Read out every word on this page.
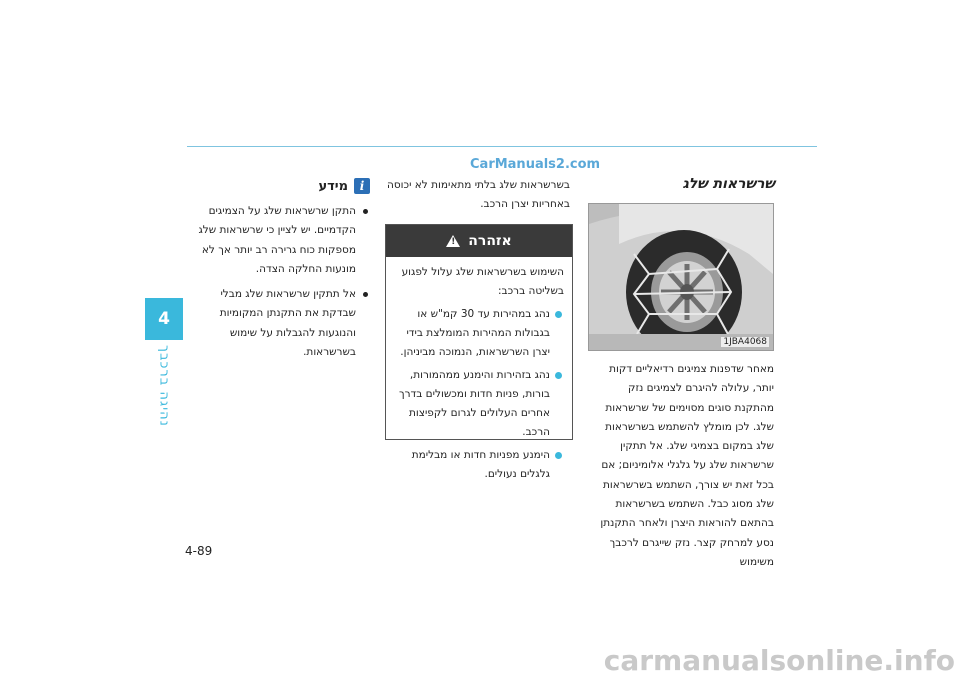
CarManuals2.com
4
נהיגה ברכבך
שרשראות שלג
1JBA4068
מאחר שדפנות צמיגים רדיאליים דקות יותר, עלולה להיגרם לצמיגים נזק מהתקנת סוגים מסוימים של שרשראות שלג. לכן מומלץ להשתמש בשרשראות שלג במקום בצמיגי שלג. אל תתקין שרשראות שלג על גלגלי אלומיניום; אם בכל זאת יש צורך, השתמש בשרשראות שלג מסוג כבל. השתמש בשרשראות בהתאם להוראות היצרן ולאחר התקנתן נסע למרחק קצר. נזק שייגרם לרכבך משימוש
בשרשראות שלג בלתי מתאימות לא יכוסה באחריות יצרן הרכב.
אזהרה
!

השימוש בשרשראות שלג עלול לפגוע בשליטה ברכב:

נהג במהירות עד 30 קמ"ש או בגבולות המהירות המומלצת בידי יצרן השרשראות, הנמוכה מביניהן.
נהג בזהירות והימנע ממהמורות, בורות, פניות חדות ומכשולים בדרך אחרים העלולים לגרום לקפיצות הרכב.
הימנע מפניות חדות או מבלימת גלגלים נעולים.
i
מידע
התקן שרשראות שלג על הצמיגים הקדמיים. יש לציין כי שרשראות שלג מספקות כוח גרירה רב יותר אך לא מונעות החלקה הצדה.
אל תתקין שרשראות שלג מבלי שבדקת את התקנתן המקומיות והנוגעות להגבלות על שימוש בשרשראות.
4-89
carmanualsonline.info
